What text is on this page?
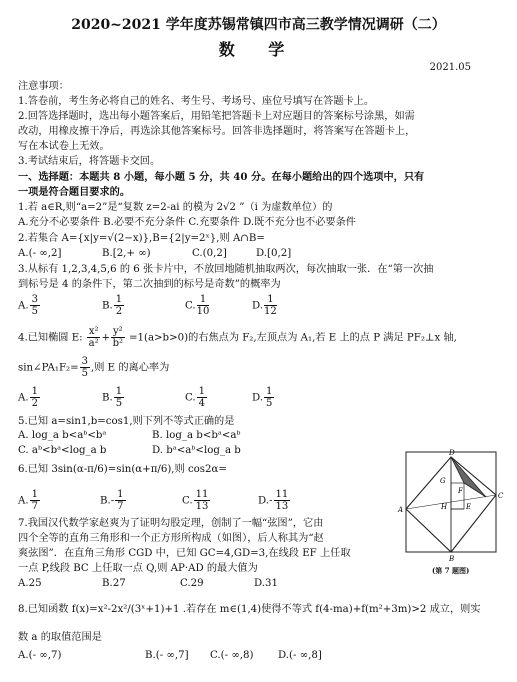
2020~2021 学年度苏锡常镇四市高三教学情况调研（二）
数 学
2021.05
注意事项：
1.答卷前，考生务必将自己的姓名、考生号、考场号、座位号填写在答题卡上。
2.回答选择题时，选出每小题答案后，用铅笔把答题卡上对应题目的答案标号涂黑，如需
改动，用橡皮擦干净后，再选涂其他答案标号。回答非选择题时，将答案写在答题卡上，
写在本试卷上无效。
3.考试结束后，将答题卡交回。
一、选择题：本题共 8 小题，每小题 5 分，共 40 分。在每小题给出的四个选项中，只有
一项是符合题目要求的。
1.若 a∈R,则“a=2”是“复数 z=2-ai 的模为 2√2 ”（i 为虚数单位）的
A.充分不必要条件 B.必要不充分条件 C.充要条件 D.既不充分也不必要条件
2.若集合 A={x|y=√(2−x)},B={2|y=2ˣ},则 A∩B=
A.(- ∞,2]	B.[2,+ ∞)	C.(0,2]	D.[0,2]
3.从标有 1,2,3,4,5,6 的 6 张卡片中，不放回地随机抽取两次，每次抽取一张．在“第一次抽
到标号是 4 的条件下，第二次抽到的标号是奇数”的概率为
A. $\frac{3}{5}$	B. $\frac{1}{2}$	C. $\frac{1}{10}$	D. $\frac{1}{12}$
4.已知椭圆 E: $\frac{\text{x²}}{\text{a²}} + \frac{\text{y²}}{\text{b²}} =1(a>b>0)$的右焦点为 F₂,左顶点为 A₁,若 E 上的点 P 满足 PF₂⊥x 轴,
sin∠PA₁F₂= $\frac{3}{5}$ ,则 E 的离心率为
A. $\frac{1}{2}$	B. $\frac{1}{5}$	C. $\frac{1}{4}$	D. $\frac{1}{5}$
5.已知 a=sin1,b=cos1,则下列不等式正确的是
A. log_a b<aᵇ<bᵃ	B. log_a b<bᵃ<aᵇ
C. aᵇ<bᵃ<log_a b	D. bᵃ<aᵇ<log_a b
6.已知 3sin(α-π/6)=sin(α+π/6),则 cos2α=
A. $\frac{1}{7}$	$B.- \frac{1}{7}$	C. $\frac{11}{13}$	$D.- \frac{11}{13}$
7.我国汉代数学家赵爽为了证明勾股定理，创制了一幅“弦图”，它由
四个全等的直角三角形和一个正方形所构成（如图），后人称其为“赵
爽弦图”．在直角三角形 CGD 中，已知 GC=4,GD=3,在线段 EF 上任取
一点 P,线段 BC 上任取一点 Q,则 AP·AD 的最大值为
A.25	B.27	C.29	D.31
D
G
F
A	H	E
C
B
(第 7 题图)
8.已知函数 f(x)=x²-2x²/(3ˣ+1)+1 .若存在 m∈(1,4)使得不等式 f(4-ma)+f(m²+3m)>2 成立，则实
数 a 的取值范围是
A.(- ∞,7)	B.(- ∞,7] C.(- ∞,8) D.(- ∞,8]
